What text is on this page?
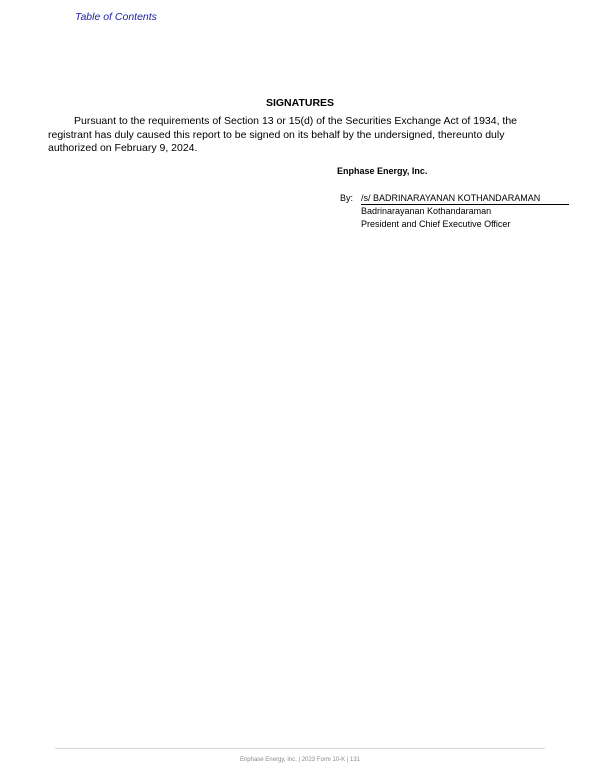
Table of Contents
SIGNATURES

Pursuant to the requirements of Section 13 or 15(d) of the Securities Exchange Act of 1934, the registrant has duly caused this report to be signed on its behalf by the undersigned, thereunto duly authorized on February 9, 2024.

Enphase Energy, Inc.
By: /s/ BADRINARAYANAN KOTHANDARAMAN
Badrinarayanan Kothandaraman
President and Chief Executive Officer
Enphase Energy, Inc. | 2023 Form 10-K | 131
